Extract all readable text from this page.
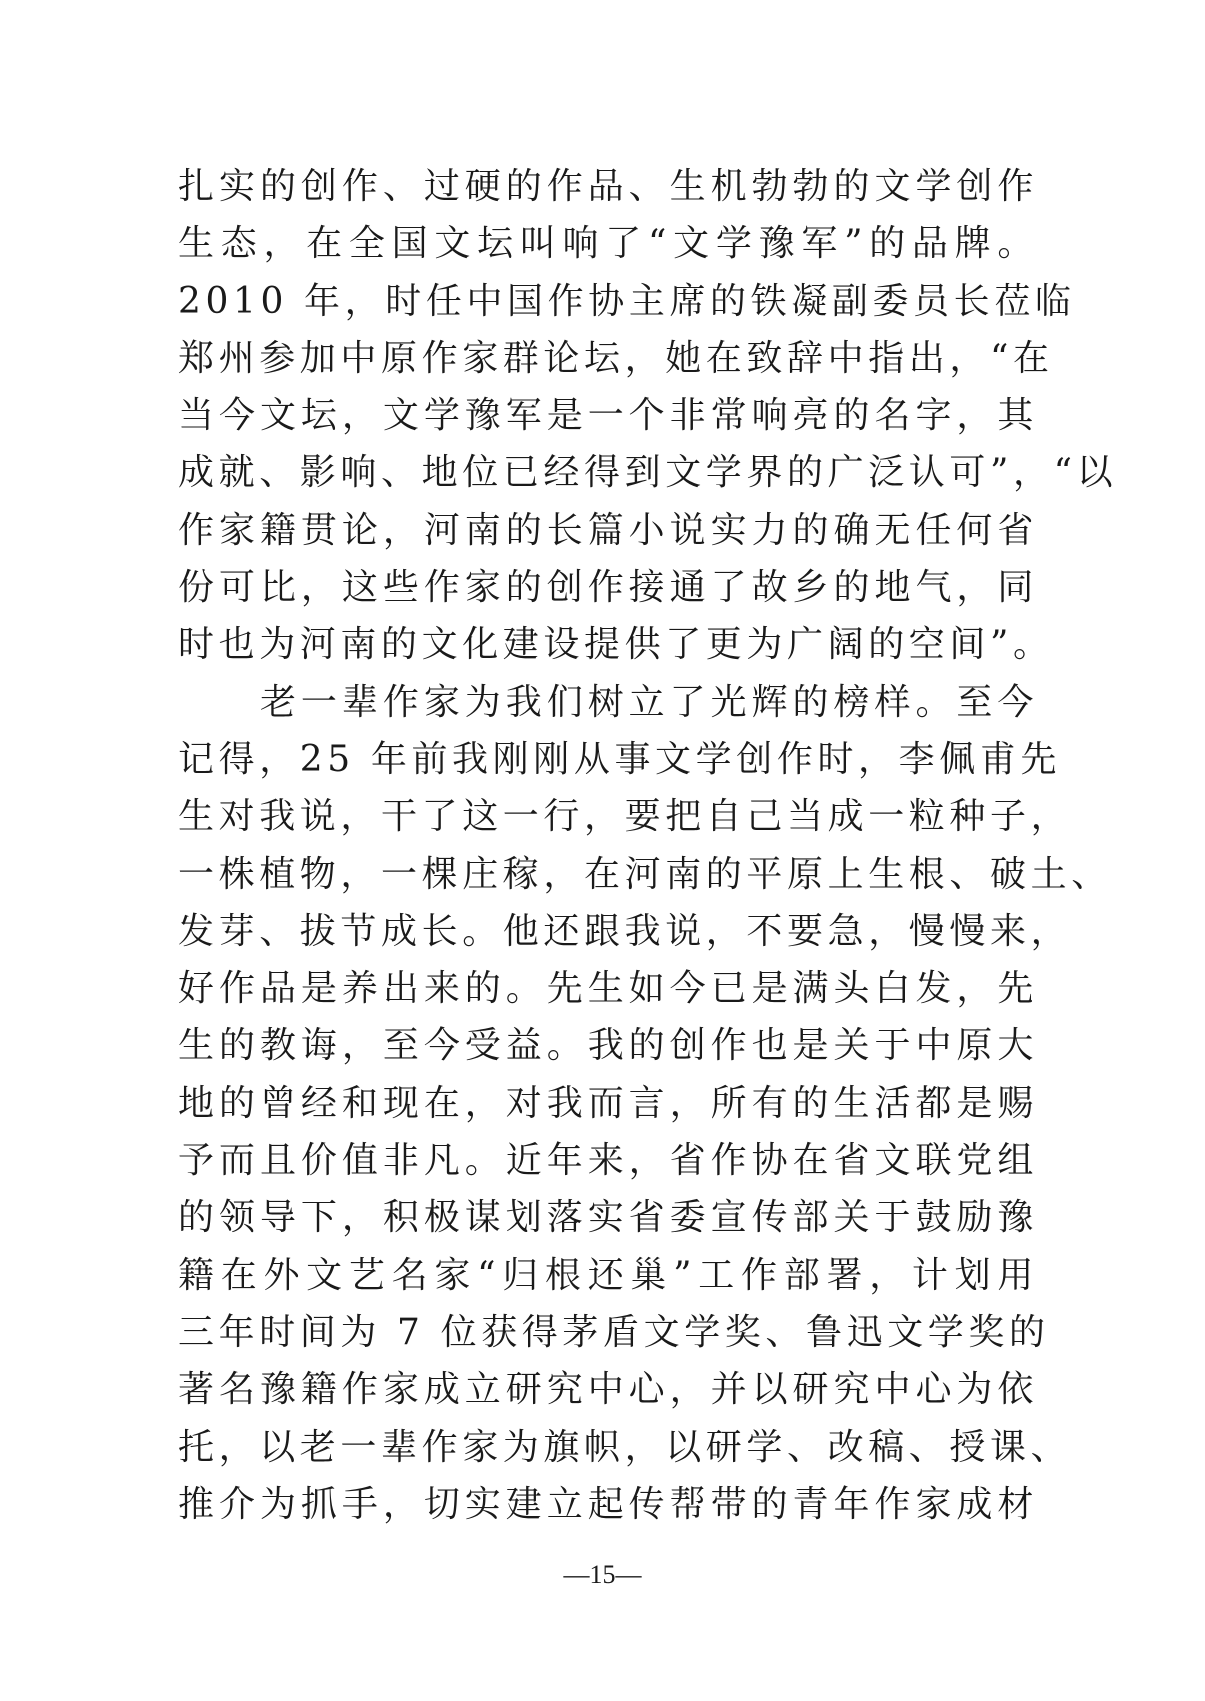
扎实的创作、过硬的作品、生机勃勃的文学创作
生态，在全国文坛叫响了“文学豫军”的品牌。
2010 年，时任中国作协主席的铁凝副委员长莅临
郑州参加中原作家群论坛，她在致辞中指出，“在
当今文坛，文学豫军是一个非常响亮的名字，其
成就、影响、地位已经得到文学界的广泛认可”，“以
作家籍贯论，河南的长篇小说实力的确无任何省
份可比，这些作家的创作接通了故乡的地气，同
时也为河南的文化建设提供了更为广阔的空间”。
　　老一辈作家为我们树立了光辉的榜样。至今
记得，25 年前我刚刚从事文学创作时，李佩甫先
生对我说，干了这一行，要把自己当成一粒种子，
一株植物，一棵庄稼，在河南的平原上生根、破土、
发芽、拔节成长。他还跟我说，不要急，慢慢来，
好作品是养出来的。先生如今已是满头白发，先
生的教诲，至今受益。我的创作也是关于中原大
地的曾经和现在，对我而言，所有的生活都是赐
予而且价值非凡。近年来，省作协在省文联党组
的领导下，积极谋划落实省委宣传部关于鼓励豫
籍在外文艺名家“归根还巢”工作部署，计划用
三年时间为 7 位获得茅盾文学奖、鲁迅文学奖的
著名豫籍作家成立研究中心，并以研究中心为依
托，以老一辈作家为旗帜，以研学、改稿、授课、
推介为抓手，切实建立起传帮带的青年作家成材
—15—
